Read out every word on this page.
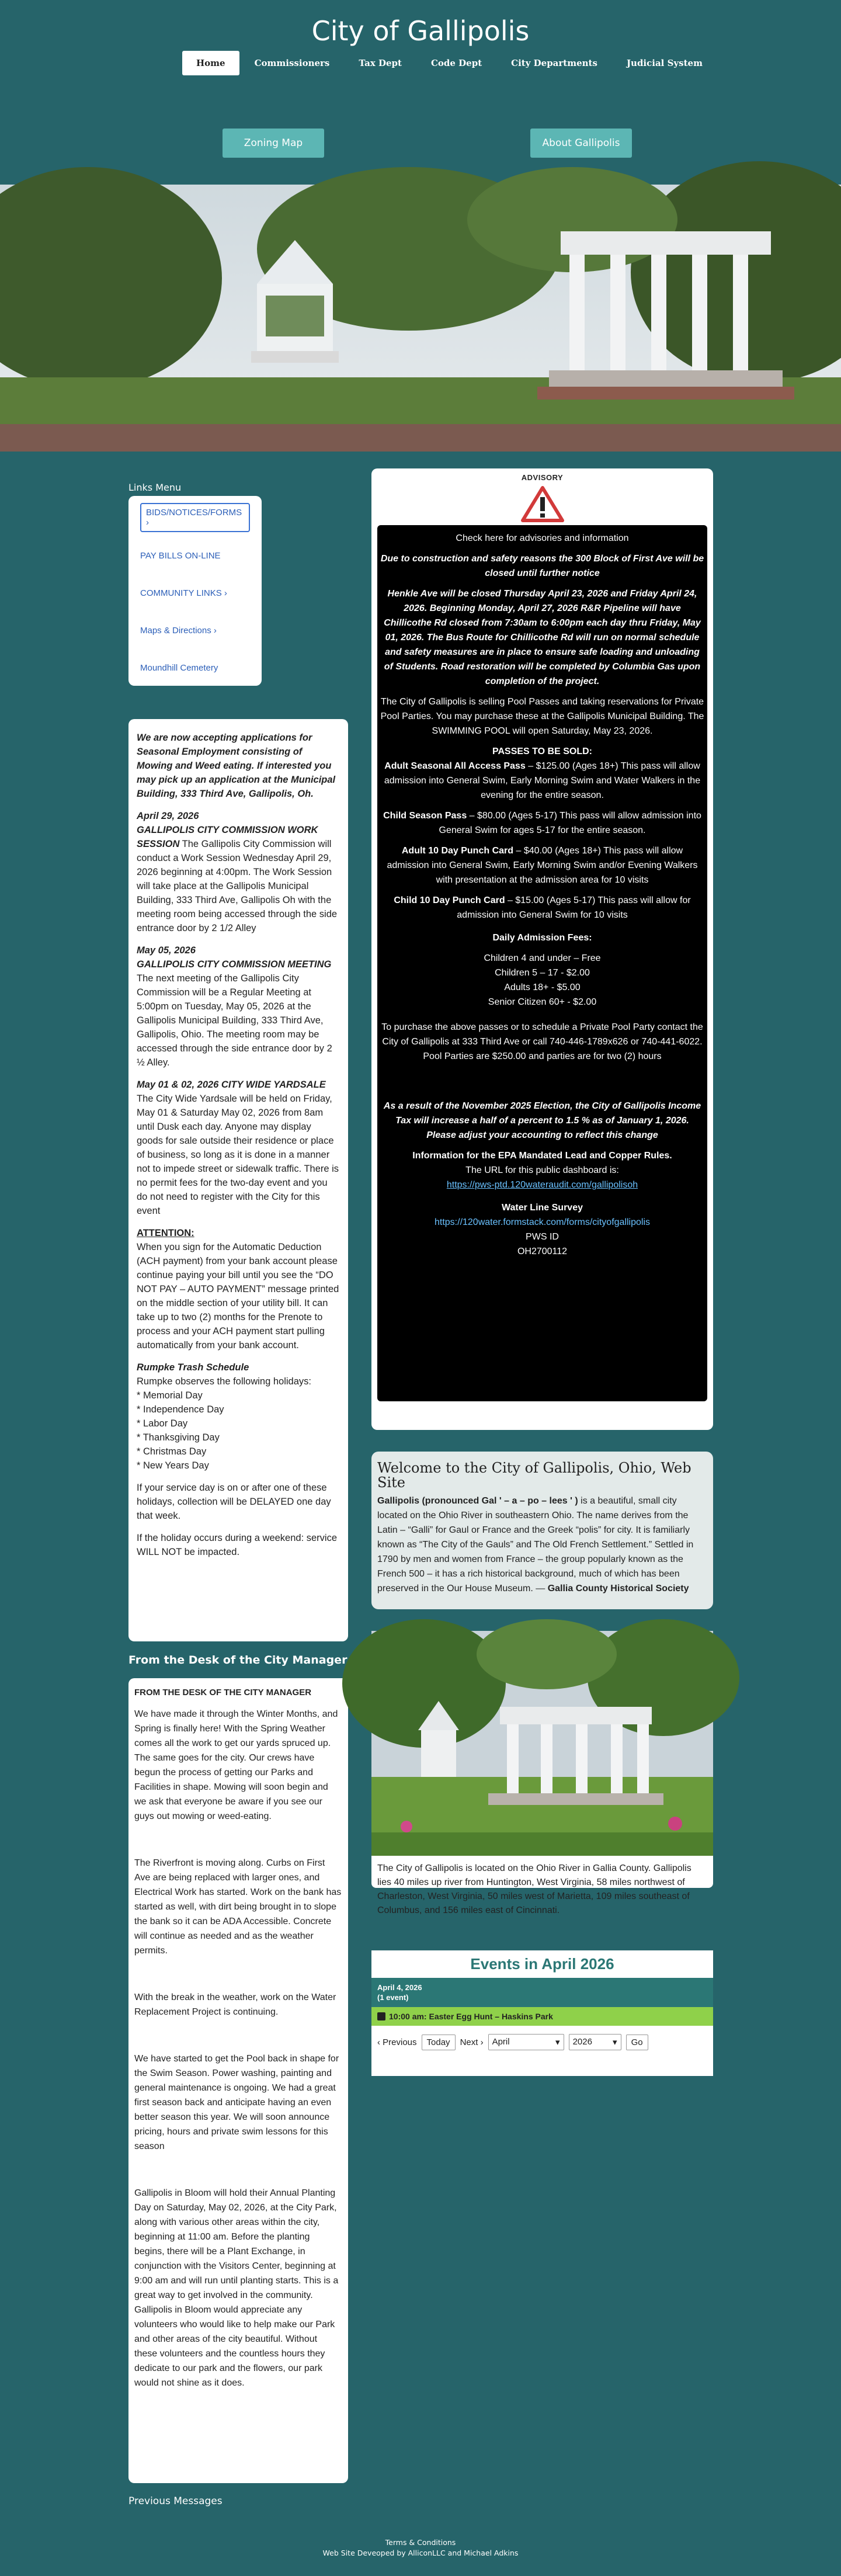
City of Gallipolis
Home	Commissioners	Tax Dept	Code Dept	City Departments	Judicial System
Zoning Map	About Gallipolis
Links Menu
BIDS/NOTICES/FORMS ›
PAY BILLS ON-LINE
COMMUNITY LINKS ›
Maps & Directions ›
Moundhill Cemetery

We are now accepting applications for Seasonal Employment consisting of Mowing and Weed eating. If interested you may pick up an application at the Municipal Building, 333 Third Ave, Gallipolis, Oh.

April 29, 2026
GALLIPOLIS CITY COMMISSION WORK SESSION The Gallipolis City Commission will conduct a Work Session Wednesday April 29, 2026 beginning at 4:00pm. The Work Session will take place at the Gallipolis Municipal Building, 333 Third Ave, Gallipolis Oh with the meeting room being accessed through the side entrance door by 2 1/2 Alley

May 05, 2026
GALLIPOLIS CITY COMMISSION MEETING
The next meeting of the Gallipolis City Commission will be a Regular Meeting at 5:00pm on Tuesday, May 05, 2026 at the Gallipolis Municipal Building, 333 Third Ave, Gallipolis, Ohio. The meeting room may be accessed through the side entrance door by 2 ½ Alley.

May 01 & 02, 2026 CITY WIDE YARDSALE
The City Wide Yardsale will be held on Friday, May 01 & Saturday May 02, 2026 from 8am until Dusk each day. Anyone may display goods for sale outside their residence or place of business, so long as it is done in a manner not to impede street or sidewalk traffic. There is no permit fees for the two-day event and you do not need to register with the City for this event

ATTENTION:
When you sign for the Automatic Deduction (ACH payment) from your bank account please continue paying your bill until you see the “DO NOT PAY – AUTO PAYMENT” message printed on the middle section of your utility bill. It can take up to two (2) months for the Prenote to process and your ACH payment start pulling automatically from your bank account.

Rumpke Trash Schedule
Rumpke observes the following holidays:
* Memorial Day
* Independence Day
* Labor Day
* Thanksgiving Day
* Christmas Day
* New Years Day

If your service day is on or after one of these holidays, collection will be DELAYED one day that week.

If the holiday occurs during a weekend: service WILL NOT be impacted.

From the Desk of the City Manager
FROM THE DESK OF THE CITY MANAGER

We have made it through the Winter Months, and Spring is finally here! With the Spring Weather comes all the work to get our yards spruced up. The same goes for the city. Our crews have begun the process of getting our Parks and Facilities in shape. Mowing will soon begin and we ask that everyone be aware if you see our guys out mowing or weed-eating.

The Riverfront is moving along. Curbs on First Ave are being replaced with larger ones, and Electrical Work has started. Work on the bank has started as well, with dirt being brought in to slope the bank so it can be ADA Accessible. Concrete will continue as needed and as the weather permits.

With the break in the weather, work on the Water Replacement Project is continuing.

We have started to get the Pool back in shape for the Swim Season. Power washing, painting and general maintenance is ongoing. We had a great first season back and anticipate having an even better season this year. We will soon announce pricing, hours and private swim lessons for this season

Gallipolis in Bloom will hold their Annual Planting Day on Saturday, May 02, 2026, at the City Park, along with various other areas within the city, beginning at 11:00 am. Before the planting begins, there will be a Plant Exchange, in conjunction with the Visitors Center, beginning at 9:00 am and will run until planting starts. This is a great way to get involved in the community. Gallipolis in Bloom would appreciate any volunteers who would like to help make our Park and other areas of the city beautiful. Without these volunteers and the countless hours they dedicate to our park and the flowers, our park would not shine as it does.

Previous Messages
ADVISORY

Check here for advisories and information

Due to construction and safety reasons the 300 Block of First Ave will be closed until further notice

Henkle Ave will be closed Thursday April 23, 2026 and Friday April 24, 2026. Beginning Monday, April 27, 2026 R&R Pipeline will have Chillicothe Rd closed from 7:30am to 6:00pm each day thru Friday, May 01, 2026. The Bus Route for Chillicothe Rd will run on normal schedule and safety measures are in place to ensure safe loading and unloading of Students. Road restoration will be completed by Columbia Gas upon completion of the project.

The City of Gallipolis is selling Pool Passes and taking reservations for Private Pool Parties. You may purchase these at the Gallipolis Municipal Building. The SWIMMING POOL will open Saturday, May 23, 2026.

PASSES TO BE SOLD:

Adult Seasonal All Access Pass – $125.00 (Ages 18+) This pass will allow admission into General Swim, Early Morning Swim and Water Walkers in the evening for the entire season.

Child Season Pass – $80.00 (Ages 5-17) This pass will allow admission into General Swim for ages 5-17 for the entire season.

Adult 10 Day Punch Card – $40.00 (Ages 18+) This pass will allow admission into General Swim, Early Morning Swim and/or Evening Walkers with presentation at the admission area for 10 visits

Child 10 Day Punch Card – $15.00 (Ages 5-17) This pass will allow for admission into General Swim for 10 visits

Daily Admission Fees:

Children 4 and under – Free
Children 5 – 17 - $2.00
Adults 18+ - $5.00
Senior Citizen 60+ - $2.00

To purchase the above passes or to schedule a Private Pool Party contact the City of Gallipolis at 333 Third Ave or call 740-446-1789x626 or 740-441-6022. Pool Parties are $250.00 and parties are for two (2) hours

As a result of the November 2025 Election, the City of Gallipolis Income Tax will increase a half of a percent to 1.5 % as of January 1, 2026. Please adjust your accounting to reflect this change

Information for the EPA Mandated Lead and Copper Rules.
The URL for this public dashboard is:
https://pws-ptd.120wateraudit.com/gallipolisoh
Water Line Survey
https://120water.formstack.com/forms/cityofgallipolis
PWS ID
OH2700112
Welcome to the City of Gallipolis, Ohio, Web Site
Gallipolis (pronounced Gal ' – a – po – lees ' ) is a beautiful, small city located on the Ohio River in southeastern Ohio. The name derives from the Latin – “Galli” for Gaul or France and the Greek “polis” for city. It is familiarly known as “The City of the Gauls” and The Old French Settlement.” Settled in 1790 by men and women from France – the group popularly known as the French 500 – it has a rich historical background, much of which has been preserved in the Our House Museum. — Gallia County Historical Society
The City of Gallipolis is located on the Ohio River in Gallia County. Gallipolis lies 40 miles up river from Huntington, West Virginia, 58 miles northwest of Charleston, West Virginia, 50 miles west of Marietta, 109 miles southeast of Columbus, and 156 miles east of Cincinnati.
Events in April 2026
April 4, 2026
(1 event)
10:00 am: Easter Egg Hunt – Haskins Park
‹ Previous	Today	Next ›	April	▾	2026 ▾	Go
Terms & Conditions
Web Site Deveoped by AlliconLLC and Michael Adkins
